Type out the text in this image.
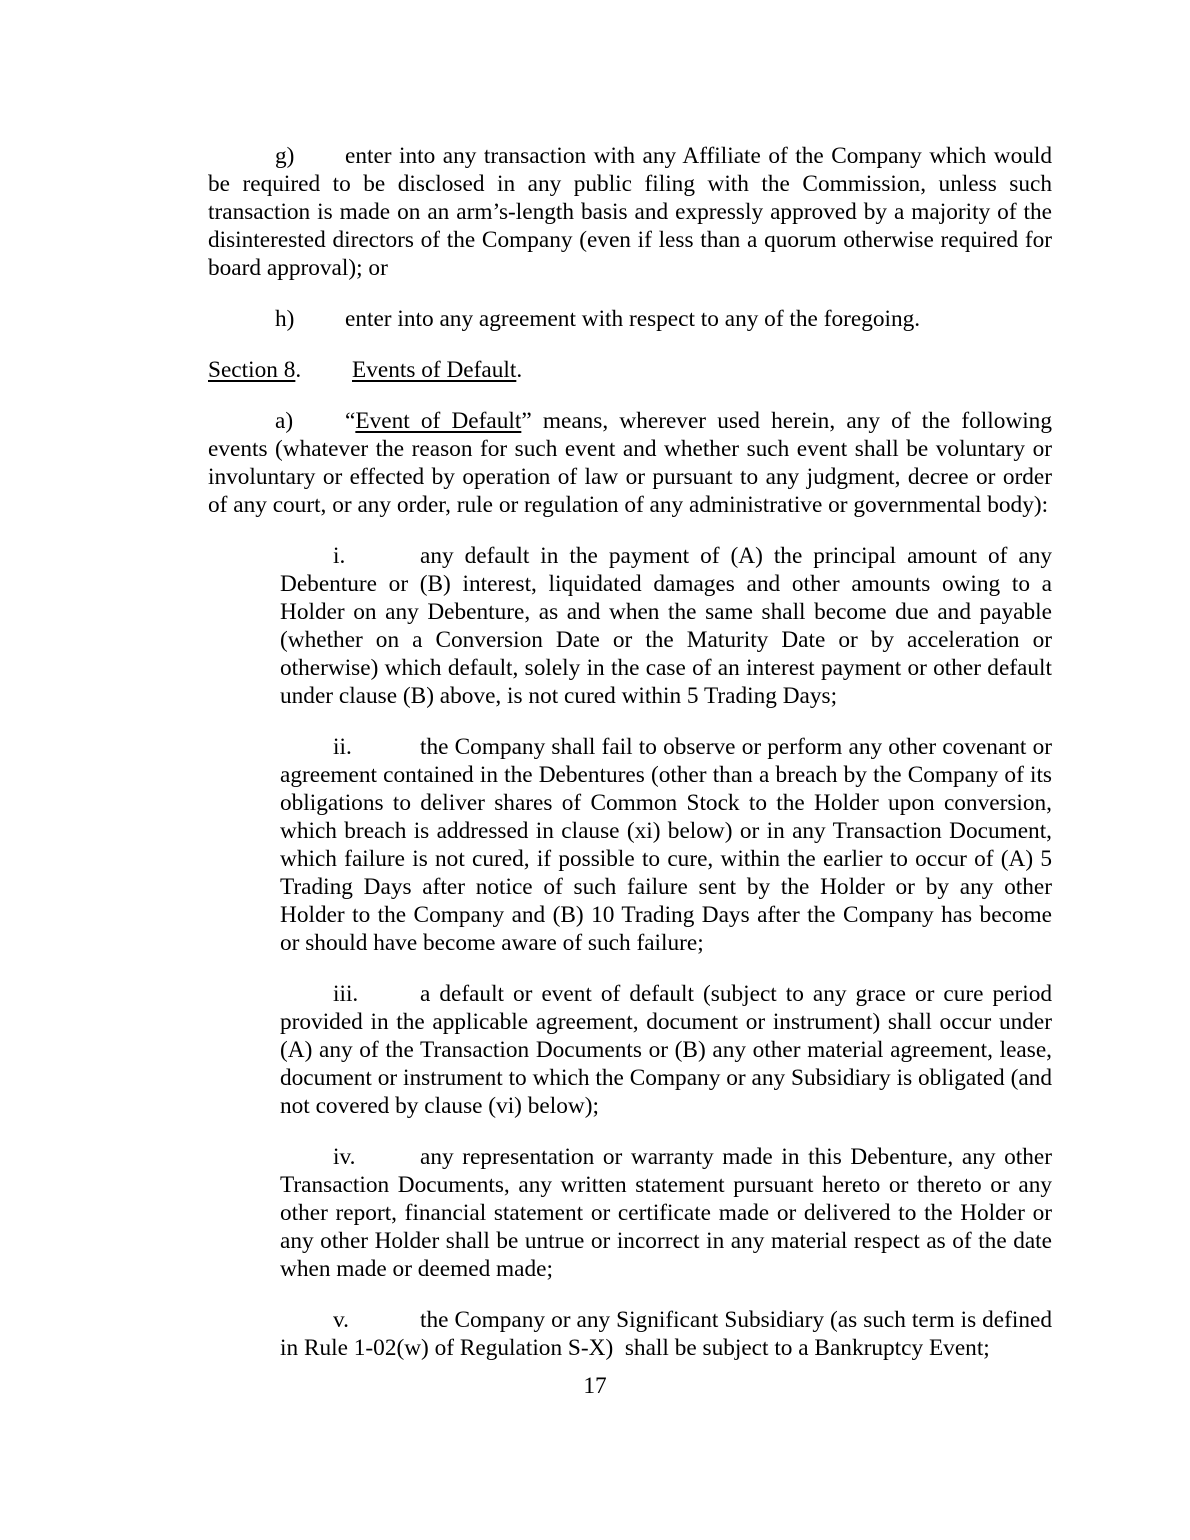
g) enter into any transaction with any Affiliate of the Company which would be required to be disclosed in any public filing with the Commission, unless such transaction is made on an arm’s-length basis and expressly approved by a majority of the disinterested directors of the Company (even if less than a quorum otherwise required for board approval); or

h) enter into any agreement with respect to any of the foregoing.

Section 8. Events of Default.

a) “Event of Default” means, wherever used herein, any of the following events (whatever the reason for such event and whether such event shall be voluntary or involuntary or effected by operation of law or pursuant to any judgment, decree or order of any court, or any order, rule or regulation of any administrative or governmental body):

i.	any default in the payment of (A) the principal amount of any Debenture or (B) interest, liquidated damages and other amounts owing to a Holder on any Debenture, as and when the same shall become due and payable (whether on a Conversion Date or the Maturity Date or by acceleration or otherwise) which default, solely in the case of an interest payment or other default under clause (B) above, is not cured within 5 Trading Days;
ii.	the Company shall fail to observe or perform any other covenant or agreement contained in the Debentures (other than a breach by the Company of its obligations to deliver shares of Common Stock to the Holder upon conversion, which breach is addressed in clause (xi) below) or in any Transaction Document, which failure is not cured, if possible to cure, within the earlier to occur of (A) 5 Trading Days after notice of such failure sent by the Holder or by any other Holder to the Company and (B) 10 Trading Days after the Company has become or should have become aware of such failure;
iii.	a default or event of default (subject to any grace or cure period provided in the applicable agreement, document or instrument) shall occur under (A) any of the Transaction Documents or (B) any other material agreement, lease, document or instrument to which the Company or any Subsidiary is obligated (and not covered by clause (vi) below);
iv.	any representation or warranty made in this Debenture, any other Transaction Documents, any written statement pursuant hereto or thereto or any other report, financial statement or certificate made or delivered to the Holder or any other Holder shall be untrue or incorrect in any material respect as of the date when made or deemed made;
v.	the Company or any Significant Subsidiary (as such term is defined in Rule 1-02(w) of Regulation S-X)  shall be subject to a Bankruptcy Event;
17
